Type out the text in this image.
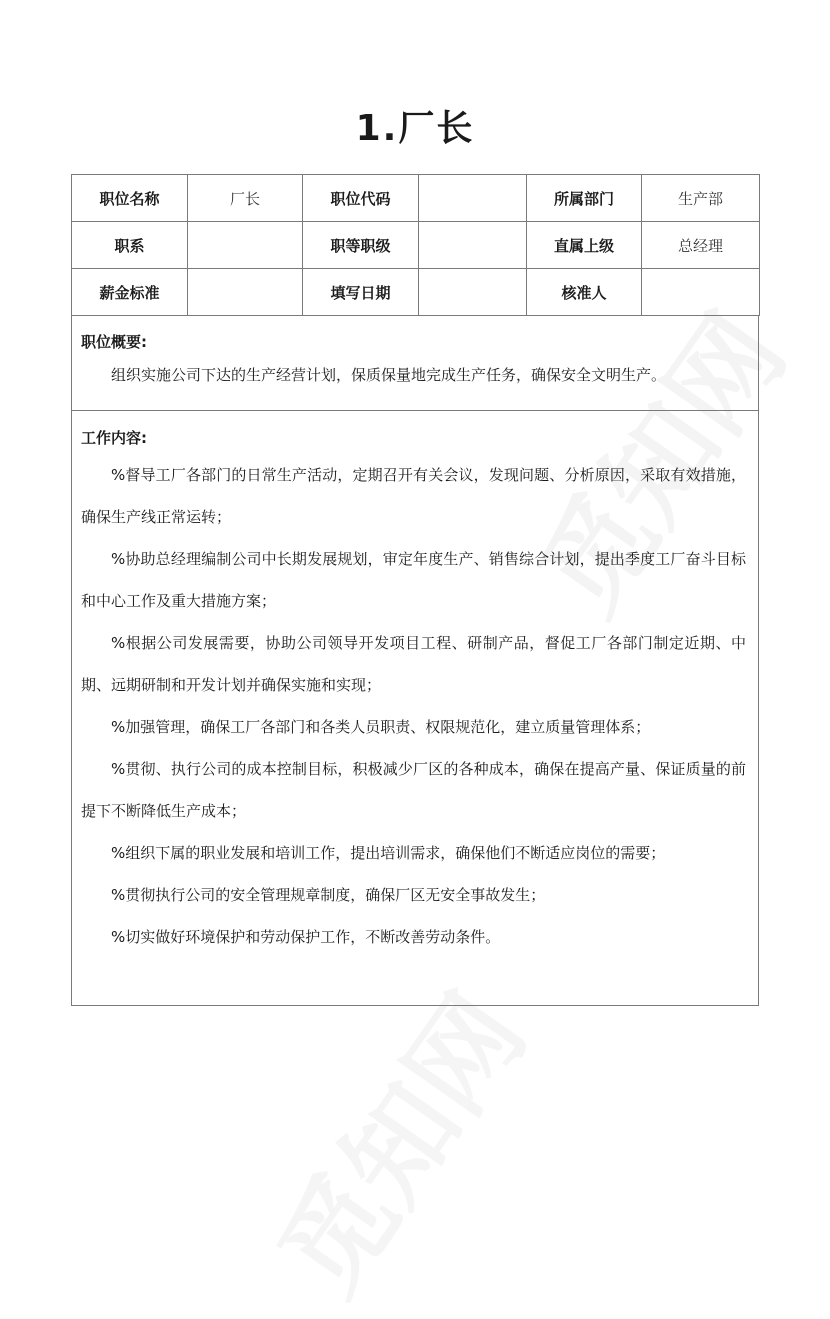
1.厂长
职位名称	厂长	职位代码		所属部门	生产部
职系		职等职级		直属上级	总经理
薪金标准		填写日期		核准人	

职位概要:

组织实施公司下达的生产经营计划，保质保量地完成生产任务，确保安全文明生产。

工作内容:

%督导工厂各部门的日常生产活动，定期召开有关会议，发现问题、分析原因，采取有效措施，确保生产线正常运转；

%协助总经理编制公司中长期发展规划，审定年度生产、销售综合计划，提出季度工厂奋斗目标和中心工作及重大措施方案；

%根据公司发展需要，协助公司领导开发项目工程、研制产品，督促工厂各部门制定近期、中期、远期研制和开发计划并确保实施和实现；

%加强管理，确保工厂各部门和各类人员职责、权限规范化，建立质量管理体系；

%贯彻、执行公司的成本控制目标，积极减少厂区的各种成本，确保在提高产量、保证质量的前提下不断降低生产成本；

%组织下属的职业发展和培训工作，提出培训需求，确保他们不断适应岗位的需要；

%贯彻执行公司的安全管理规章制度，确保厂区无安全事故发生；

%切实做好环境保护和劳动保护工作，不断改善劳动条件。
